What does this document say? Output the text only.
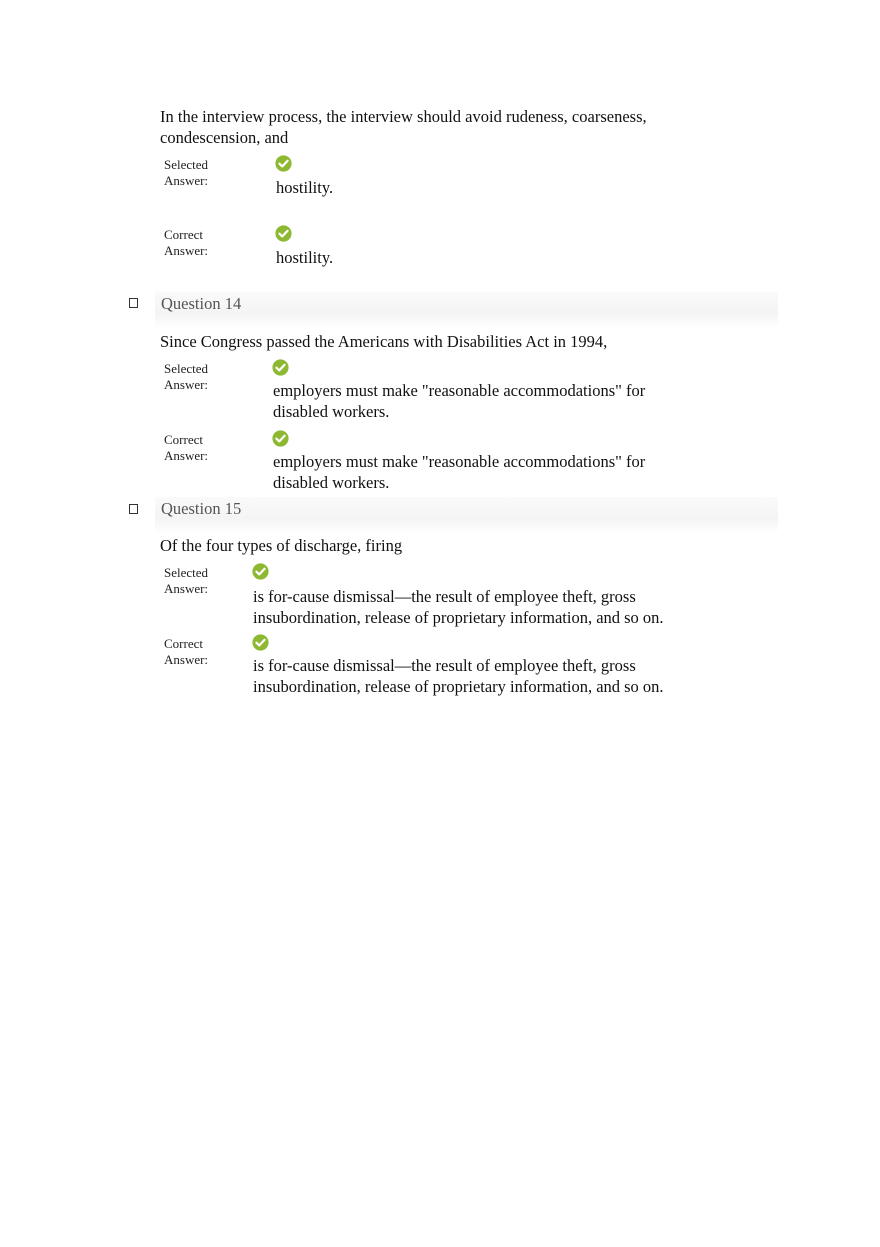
In the interview process, the interview should avoid rudeness, coarseness, condescension, and
Selected Answer:	hostility.
Correct Answer:	hostility.
Question 14
Since Congress passed the Americans with Disabilities Act in 1994,
Selected Answer:	employers must make "reasonable accommodations" for disabled workers.
Correct Answer:	employers must make "reasonable accommodations" for disabled workers.
Question 15
Of the four types of discharge, firing
Selected Answer:	is for-cause dismissal—the result of employee theft, gross insubordination, release of proprietary information, and so on.
Correct Answer:	is for-cause dismissal—the result of employee theft, gross insubordination, release of proprietary information, and so on.
